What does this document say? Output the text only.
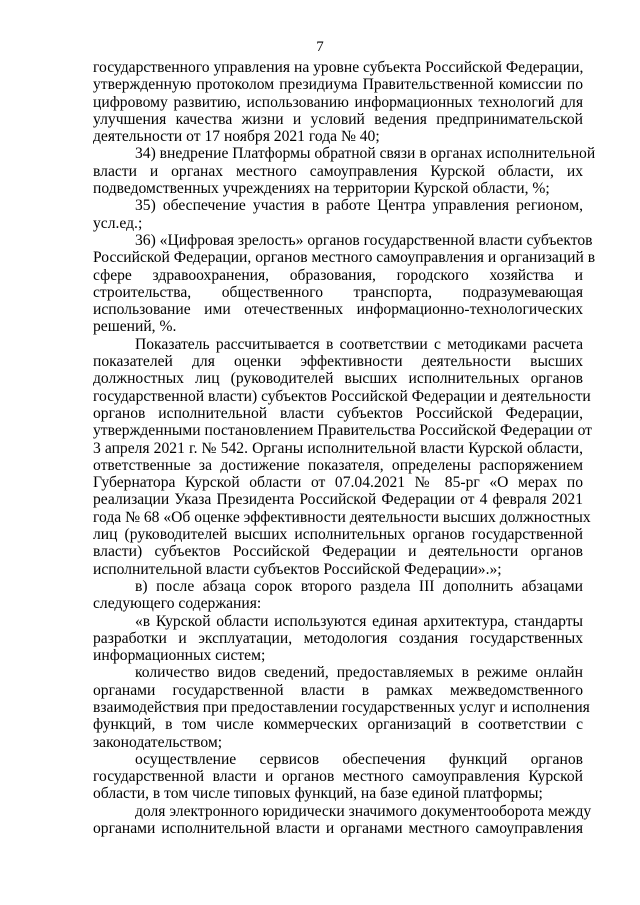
7
государственного управления на уровне субъекта Российской Федерации,
утвержденную протоколом президиума Правительственной комиссии по
цифровому развитию, использованию информационных технологий для
улучшения качества жизни и условий ведения предпринимательской
деятельности от 17 ноября 2021 года № 40;
34) внедрение Платформы обратной связи в органах исполнительной
власти и органах местного самоуправления Курской области, их
подведомственных учреждениях на территории Курской области, %;
35) обеспечение участия в работе Центра управления регионом,
усл.ед.;
36) «Цифровая зрелость» органов государственной власти субъектов
Российской Федерации, органов местного самоуправления и организаций в
сфере здравоохранения, образования, городского хозяйства и
строительства, общественного транспорта, подразумевающая
использование ими отечественных информационно-технологических
решений, %.
Показатель рассчитывается в соответствии с методиками расчета
показателей для оценки эффективности деятельности высших
должностных лиц (руководителей высших исполнительных органов
государственной власти) субъектов Российской Федерации и деятельности
органов исполнительной власти субъектов Российской Федерации,
утвержденными постановлением Правительства Российской Федерации от
3 апреля 2021 г. № 542. Органы исполнительной власти Курской области,
ответственные за достижение показателя, определены распоряжением
Губернатора Курской области от 07.04.2021 № 85-рг «О мерах по
реализации Указа Президента Российской Федерации от 4 февраля 2021
года № 68 «Об оценке эффективности деятельности высших должностных
лиц (руководителей высших исполнительных органов государственной
власти) субъектов Российской Федерации и деятельности органов
исполнительной власти субъектов Российской Федерации».»;
в) после абзаца сорок второго раздела III дополнить абзацами
следующего содержания:
«в Курской области используются единая архитектура, стандарты
разработки и эксплуатации, методология создания государственных
информационных систем;
количество видов сведений, предоставляемых в режиме онлайн
органами государственной власти в рамках межведомственного
взаимодействия при предоставлении государственных услуг и исполнения
функций, в том числе коммерческих организаций в соответствии с
законодательством;
осуществление сервисов обеспечения функций органов
государственной власти и органов местного самоуправления Курской
области, в том числе типовых функций, на базе единой платформы;
доля электронного юридически значимого документооборота между
органами исполнительной власти и органами местного самоуправления
